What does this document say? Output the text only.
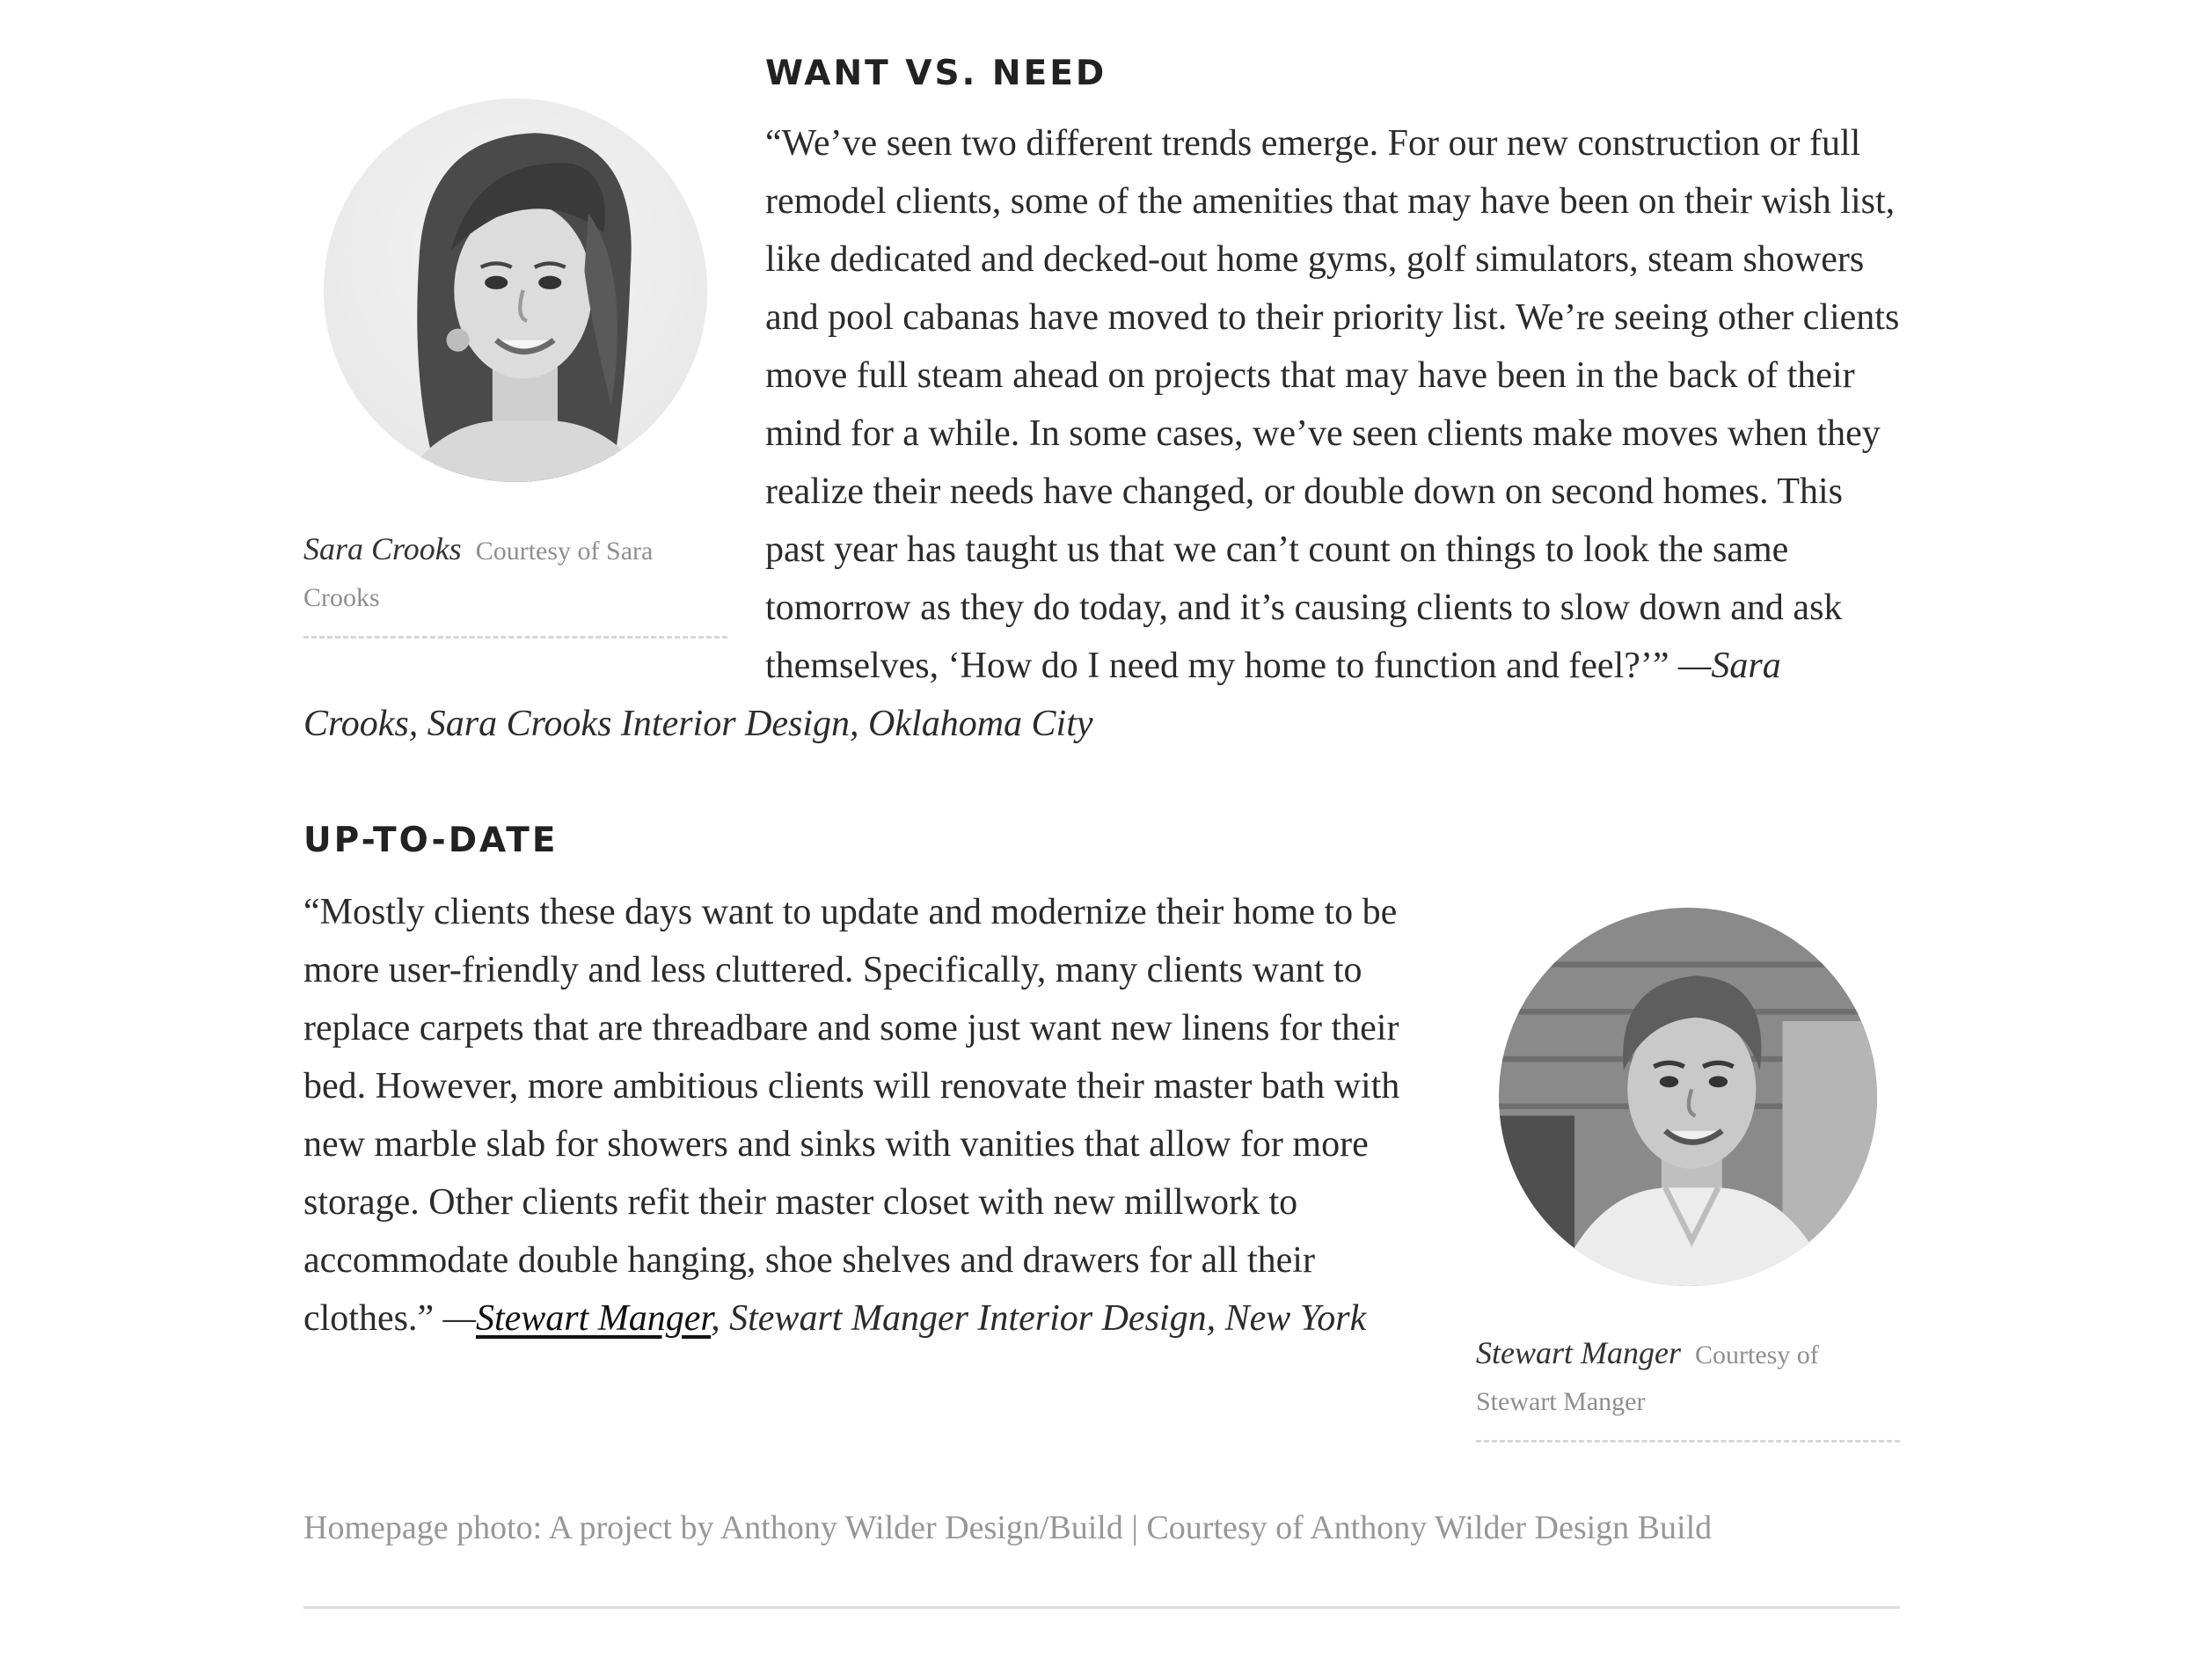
Sara Crooks Courtesy of Sara Crooks
WANT VS. NEED

“We’ve seen two different trends emerge. For our new construction or full remodel clients, some of the amenities that may have been on their wish list, like dedicated and decked-out home gyms, golf simulators, steam showers and pool cabanas have moved to their priority list. We’re seeing other clients move full steam ahead on projects that may have been in the back of their mind for a while. In some cases, we’ve seen clients make moves when they realize their needs have changed, or double down on second homes. This past year has taught us that we can’t count on things to look the same tomorrow as they do today, and it’s causing clients to slow down and ask themselves, ‘How do I need my home to function and feel?’” —Sara Crooks, Sara Crooks Interior Design, Oklahoma City

Stewart Manger Courtesy of Stewart Manger
UP-TO-DATE

“Mostly clients these days want to update and modernize their home to be more user-friendly and less cluttered. Specifically, many clients want to replace carpets that are threadbare and some just want new linens for their bed. However, more ambitious clients will renovate their master bath with new marble slab for showers and sinks with vanities that allow for more storage. Other clients refit their master closet with new millwork to accommodate double hanging, shoe shelves and drawers for all their clothes.” —Stewart Manger, Stewart Manger Interior Design, New York

Homepage photo: A project by Anthony Wilder Design/Build | Courtesy of Anthony Wilder Design Build
